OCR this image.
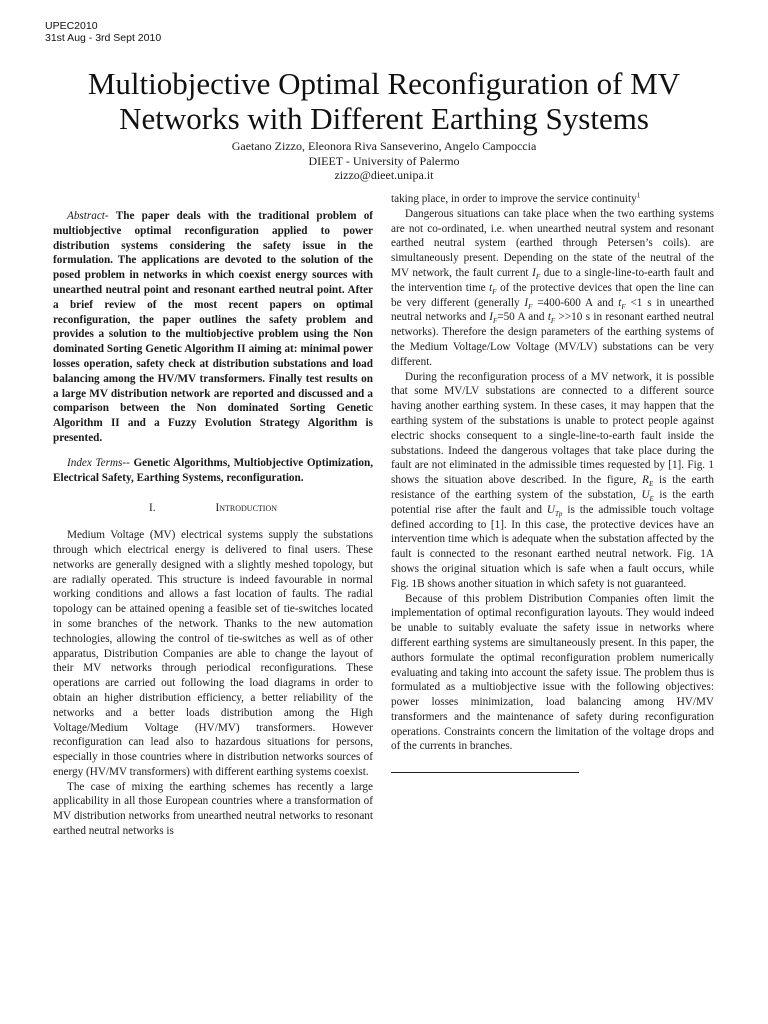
UPEC2010
31st Aug - 3rd Sept 2010
Multiobjective Optimal Reconfiguration of MV Networks with Different Earthing Systems

Gaetano Zizzo, Eleonora Riva Sanseverino, Angelo Campoccia

DIEET - University of Palermo

zizzo@dieet.unipa.it

Abstract- The paper deals with the traditional problem of multiobjective optimal reconfiguration applied to power distribution systems considering the safety issue in the formulation. The applications are devoted to the solution of the posed problem in networks in which coexist energy sources with unearthed neutral point and resonant earthed neutral point. After a brief review of the most recent papers on optimal reconfiguration, the paper outlines the safety problem and provides a solution to the multiobjective problem using the Non dominated Sorting Genetic Algorithm II aiming at: minimal power losses operation, safety check at distribution substations and load balancing among the HV/MV transformers. Finally test results on a large MV distribution network are reported and discussed and a comparison between the Non dominated Sorting Genetic Algorithm II and a Fuzzy Evolution Strategy Algorithm is presented.

Index Terms-- Genetic Algorithms, Multiobjective Optimization, Electrical Safety, Earthing Systems, reconfiguration.

I.	Introduction

Medium Voltage (MV) electrical systems supply the substations through which electrical energy is delivered to final users. These networks are generally designed with a slightly meshed topology, but are radially operated. This structure is indeed favourable in normal working conditions and allows a fast location of faults. The radial topology can be attained opening a feasible set of tie-switches located in some branches of the network. Thanks to the new automation technologies, allowing the control of tie-switches as well as of other apparatus, Distribution Companies are able to change the layout of their MV networks through periodical reconfigurations. These operations are carried out following the load diagrams in order to obtain an higher distribution efficiency, a better reliability of the networks and a better loads distribution among the High Voltage/Medium Voltage (HV/MV) transformers. However reconfiguration can lead also to hazardous situations for persons, especially in those countries where in distribution networks sources of energy (HV/MV transformers) with different earthing systems coexist.

The case of mixing the earthing schemes has recently a large applicability in all those European countries where a transformation of MV distribution networks from unearthed neutral networks to resonant earthed neutral networks is

taking place, in order to improve the service continuity$^1$

Dangerous situations can take place when the two earthing systems are not co-ordinated, i.e. when unearthed neutral system and resonant earthed neutral system (earthed through Petersen’s coils). are simultaneously present. Depending on the state of the neutral of the MV network, the fault current $I_F$ due to a single-line-to-earth fault and the intervention time $t_F$ of the protective devices that open the line can be very different (generally $I_F =400-600$ A and $t_F <1$ s in unearthed neutral networks and $I_F=50$ A and $t_F >>10$ s in resonant earthed neutral networks). Therefore the design parameters of the earthing systems of the Medium Voltage/Low Voltage (MV/LV) substations can be very different.

During the reconfiguration process of a MV network, it is possible that some MV/LV substations are connected to a different source having another earthing system. In these cases, it may happen that the earthing system of the substations is unable to protect people against electric shocks consequent to a single-line-to-earth fault inside the substations. Indeed the dangerous voltages that take place during the fault are not eliminated in the admissible times requested by [1]. Fig. 1 shows the situation above described. In the figure, $R_E$ is the earth resistance of the earthing system of the substation, $U_E$ is the earth potential rise after the fault and $U_{Tp}$ is the admissible touch voltage defined according to [1]. In this case, the protective devices have an intervention time which is adequate when the substation affected by the fault is connected to the resonant earthed neutral network. Fig. 1A shows the original situation which is safe when a fault occurs, while Fig. 1B shows another situation in which safety is not guaranteed.

Because of this problem Distribution Companies often limit the implementation of optimal reconfiguration layouts. They would indeed be unable to suitably evaluate the safety issue in networks where different earthing systems are simultaneously present. In this paper, the authors formulate the optimal reconfiguration problem numerically evaluating and taking into account the safety issue. The problem thus is formulated as a multiobjective issue with the following objectives: power losses minimization, load balancing among HV/MV transformers and the maintenance of safety during reconfiguration operations. Constraints concern the limitation of the voltage drops and of the currents in branches.
